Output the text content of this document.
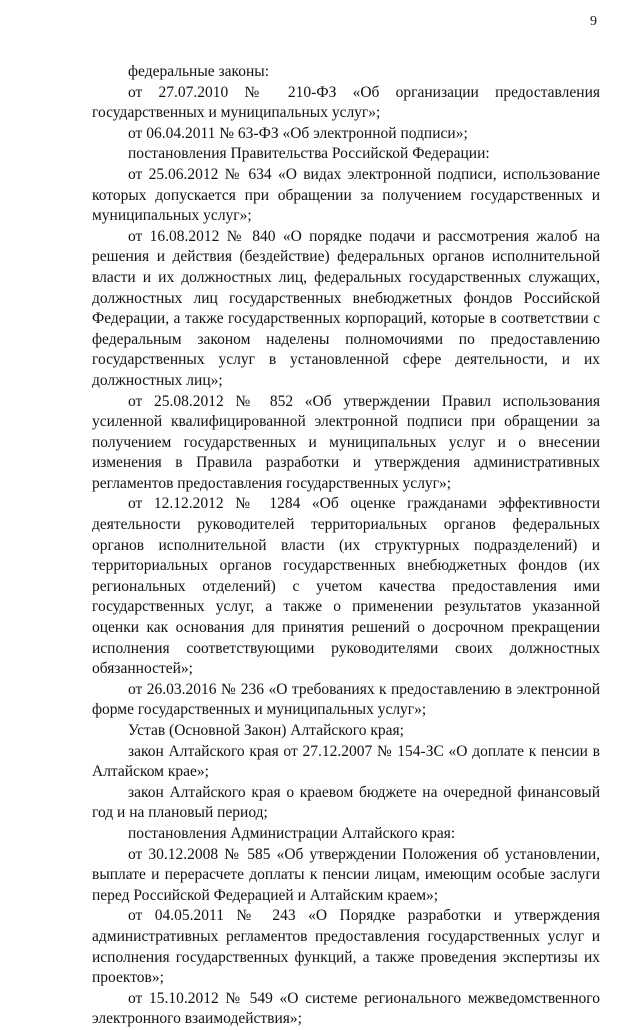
9

федеральные законы:

от 27.07.2010 № 210-ФЗ «Об организации предоставления государственных и муниципальных услуг»;

от 06.04.2011 № 63-ФЗ «Об электронной подписи»;

постановления Правительства Российской Федерации:

от 25.06.2012 № 634 «О видах электронной подписи, использование которых допускается при обращении за получением государственных и муниципальных услуг»;

от 16.08.2012 № 840 «О порядке подачи и рассмотрения жалоб на решения и действия (бездействие) федеральных органов исполнительной власти и их должностных лиц, федеральных государственных служащих, должностных лиц государственных внебюджетных фондов Российской Федерации, а также государственных корпораций, которые в соответствии с федеральным законом наделены полномочиями по предоставлению государственных услуг в установленной сфере деятельности, и их должностных лиц»;

от 25.08.2012 № 852 «Об утверждении Правил использования усиленной квалифицированной электронной подписи при обращении за получением государственных и муниципальных услуг и о внесении изменения в Правила разработки и утверждения административных регламентов предоставления государственных услуг»;

от 12.12.2012 № 1284 «Об оценке гражданами эффективности деятельности руководителей территориальных органов федеральных органов исполнительной власти (их структурных подразделений) и территориальных органов государственных внебюджетных фондов (их региональных отделений) с учетом качества предоставления ими государственных услуг, а также о применении результатов указанной оценки как основания для принятия решений о досрочном прекращении исполнения соответствующими руководителями своих должностных обязанностей»;

от 26.03.2016 № 236 «О требованиях к предоставлению в электронной форме государственных и муниципальных услуг»;

Устав (Основной Закон) Алтайского края;

закон Алтайского края от 27.12.2007 № 154-ЗС «О доплате к пенсии в Алтайском крае»;

закон Алтайского края о краевом бюджете на очередной финансовый год и на плановый период;

постановления Администрации Алтайского края:

от 30.12.2008 № 585 «Об утверждении Положения об установлении, выплате и перерасчете доплаты к пенсии лицам, имеющим особые заслуги перед Российской Федерацией и Алтайским краем»;

от 04.05.2011 № 243 «О Порядке разработки и утверждения административных регламентов предоставления государственных услуг и исполнения государственных функций, а также проведения экспертизы их проектов»;

от 15.10.2012 № 549 «О системе регионального межведомственного электронного взаимодействия»;
